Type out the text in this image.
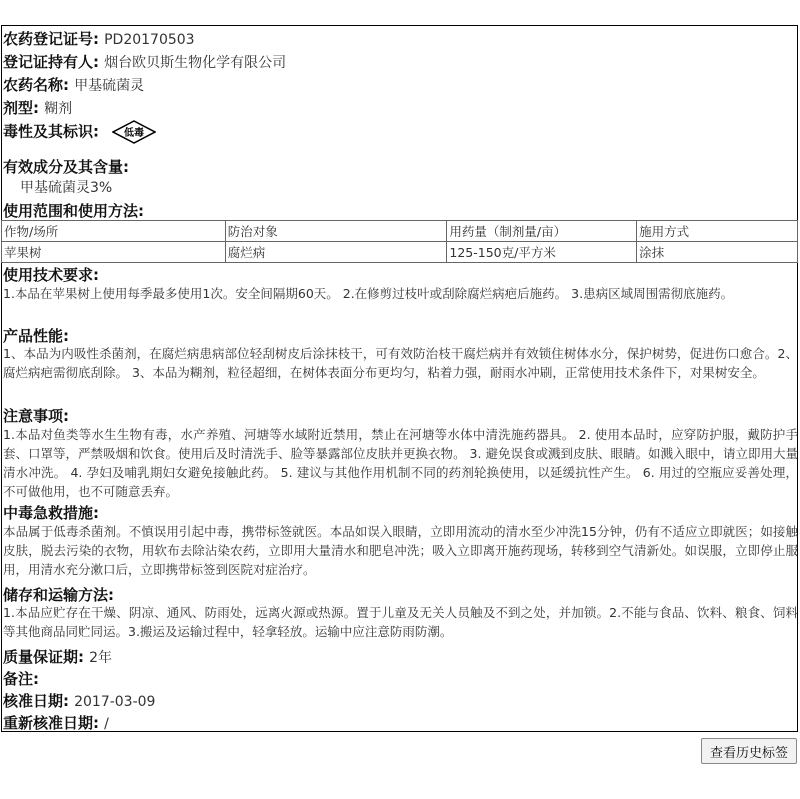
农药登记证号: PD20170503
登记证持有人: 烟台欧贝斯生物化学有限公司
农药名称: 甲基硫菌灵
剂型: 糊剂
毒性及其标识:	低毒
有效成分及其含量:
甲基硫菌灵3%
使用范围和使用方法:
作物/场所	防治对象	用药量（制剂量/亩）	施用方式
苹果树	腐烂病	125-150克/平方米	涂抹
使用技术要求:
1.本品在苹果树上使用每季最多使用1次。安全间隔期60天。 2.在修剪过枝叶或刮除腐烂病疤后施药。 3.患病区域周围需彻底施药。
产品性能:
1、本品为内吸性杀菌剂，在腐烂病患病部位轻刮树皮后涂抹枝干，可有效防治枝干腐烂病并有效锁住树体水分，保护树势，促进伤口愈合。2、腐烂病疤需彻底刮除。 3、本品为糊剂，粒径超细，在树体表面分布更均匀，粘着力强，耐雨水冲刷，正常使用技术条件下，对果树安全。
注意事项:
1.本品对鱼类等水生生物有毒，水产养殖、河塘等水域附近禁用，禁止在河塘等水体中清洗施药器具。 2. 使用本品时，应穿防护服，戴防护手套、口罩等，严禁吸烟和饮食。使用后及时清洗手、脸等暴露部位皮肤并更换衣物。 3. 避免误食或溅到皮肤、眼睛。如溅入眼中，请立即用大量清水冲洗。 4. 孕妇及哺乳期妇女避免接触此药。 5. 建议与其他作用机制不同的药剂轮换使用，以延缓抗性产生。 6. 用过的空瓶应妥善处理，不可做他用，也不可随意丢弃。
中毒急救措施:
本品属于低毒杀菌剂。不慎误用引起中毒，携带标签就医。本品如误入眼睛，立即用流动的清水至少冲洗15分钟，仍有不适应立即就医；如接触皮肤，脱去污染的衣物，用软布去除沾染农药，立即用大量清水和肥皂冲洗；吸入立即离开施药现场，转移到空气清新处。如误服，立即停止服用，用清水充分漱口后，立即携带标签到医院对症治疗。
储存和运输方法:
1.本品应贮存在干燥、阴凉、通风、防雨处，远离火源或热源。置于儿童及无关人员触及不到之处，并加锁。2.不能与食品、饮料、粮食、饲料等其他商品同贮同运。3.搬运及运输过程中，轻拿轻放。运输中应注意防雨防潮。
质量保证期: 2年
备注:
核准日期: 2017-03-09
重新核准日期: /
查看历史标签
